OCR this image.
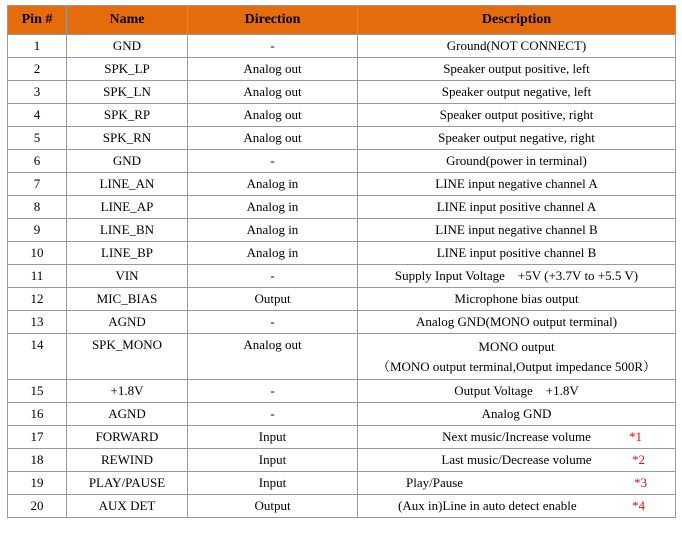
Pin #	Name	Direction	Description
1	GND	-	Ground(NOT CONNECT)
2	SPK_LP	Analog out	Speaker output positive, left
3	SPK_LN	Analog out	Speaker output negative, left
4	SPK_RP	Analog out	Speaker output positive, right
5	SPK_RN	Analog out	Speaker output negative, right
6	GND	-	Ground(power in terminal)
7	LINE_AN	Analog in	LINE input negative channel A
8	LINE_AP	Analog in	LINE input positive channel A
9	LINE_BN	Analog in	LINE input negative channel B
10	LINE_BP	Analog in	LINE input positive channel B
11	VIN	-	Supply Input Voltage    +5V (+3.7V to +5.5 V)
12	MIC_BIAS	Output	Microphone bias output
13	AGND	-	Analog GND(MONO output terminal)
14	SPK_MONO	Analog out	MONO output
（MONO output terminal,Output impedance 500R）

15	+1.8V	-	Output Voltage    +1.8V
16	AGND	-	Analog GND
17	FORWARD	Input	Next music/Increase volume *1

18	REWIND	Input	Last music/Decrease volume *2

19	PLAY/PAUSE	Input	Play/Pause *3

20	AUX DET	Output	(Aux in)Line in auto detect enable *4
